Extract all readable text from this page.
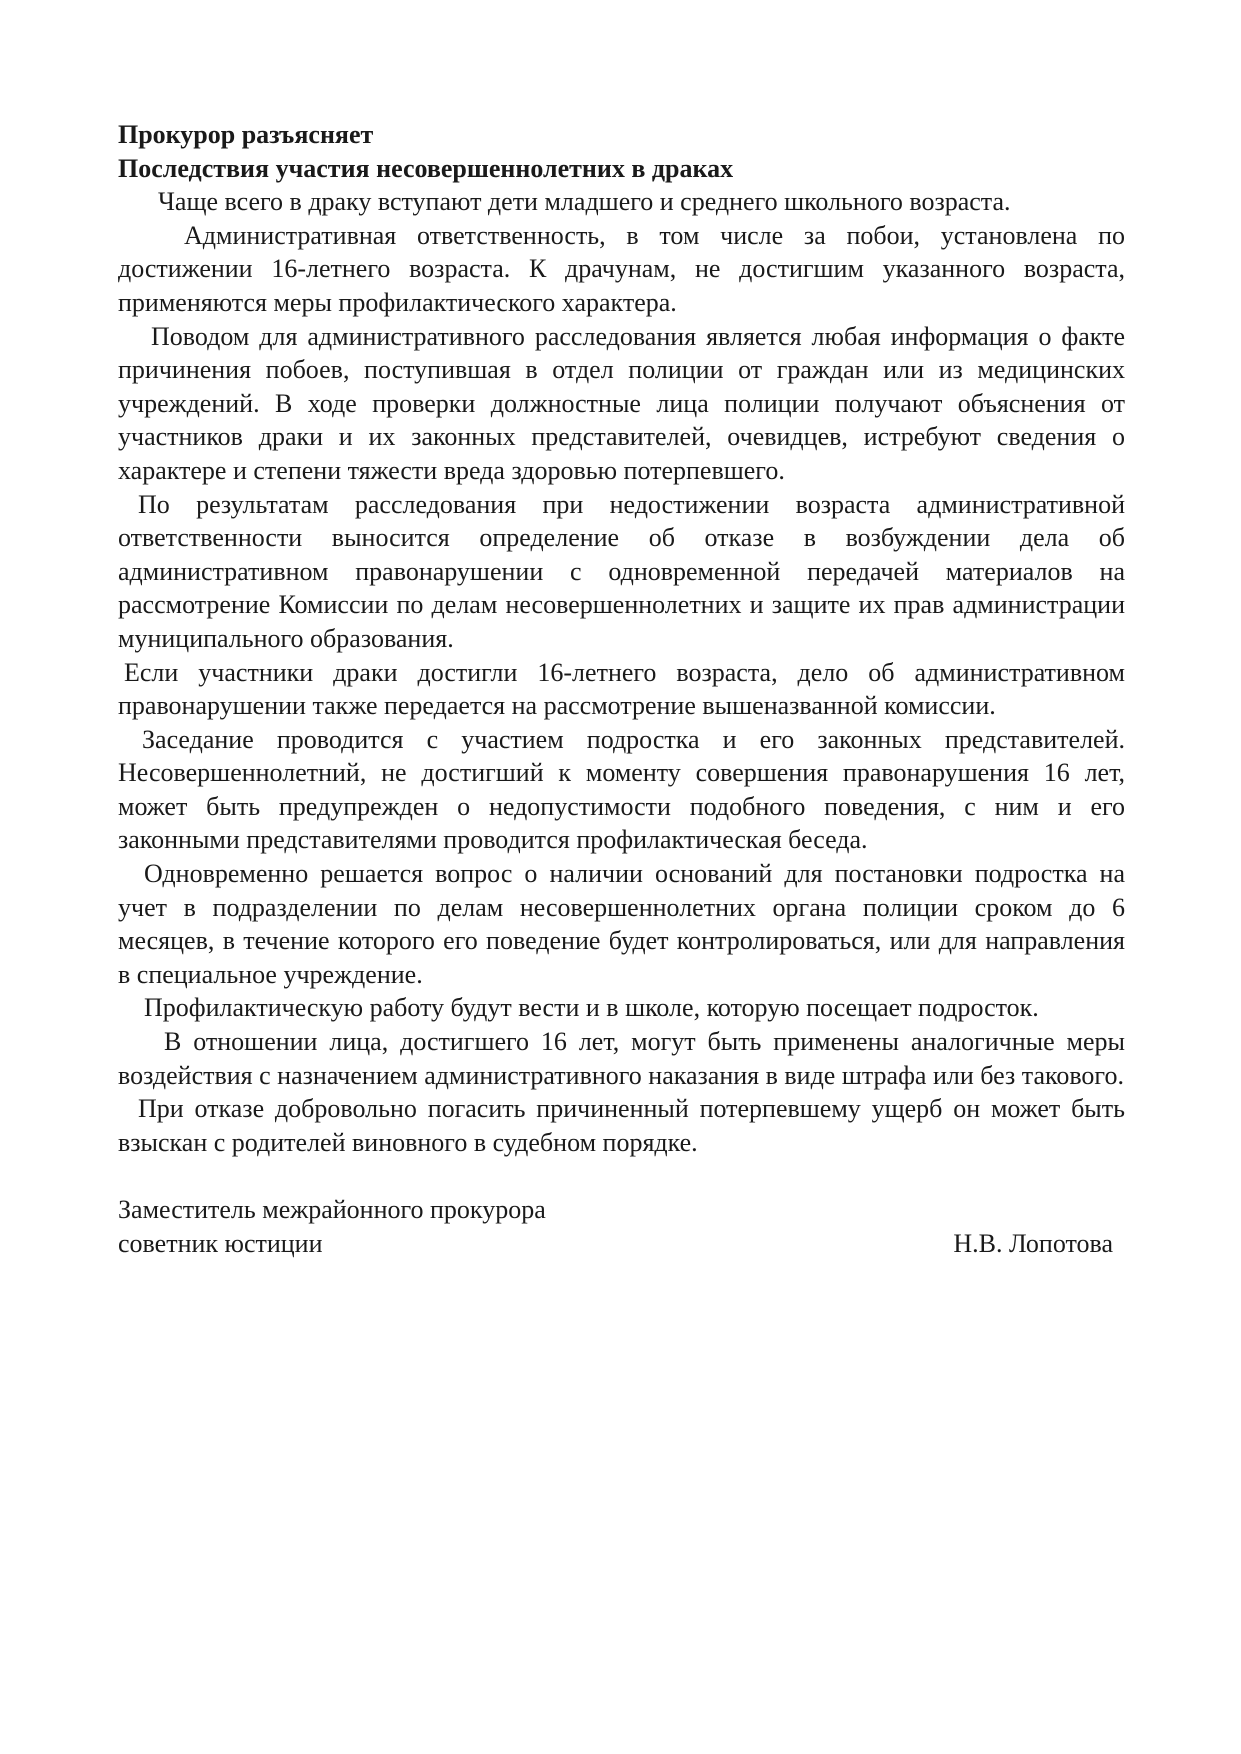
Прокурор разъясняет

Последствия участия несовершеннолетних в драках

Чаще всего в драку вступают дети младшего и среднего школьного возраста.

Административная ответственность, в том числе за побои, установлена по достижении 16-летнего возраста. К драчунам, не достигшим указанного возраста, применяются меры профилактического характера.

Поводом для административного расследования является любая информация о факте причинения побоев, поступившая в отдел полиции от граждан или из медицинских учреждений. В ходе проверки должностные лица полиции получают объяснения от участников драки и их законных представителей, очевидцев, истребуют сведения о характере и степени тяжести вреда здоровью потерпевшего.

По результатам расследования при недостижении возраста административной ответственности выносится определение об отказе в возбуждении дела об административном правонарушении с одновременной передачей материалов на рассмотрение Комиссии по делам несовершеннолетних и защите их прав администрации муниципального образования.

Если участники драки достигли 16-летнего возраста, дело об административном правонарушении также передается на рассмотрение вышеназванной комиссии.

Заседание проводится с участием подростка и его законных представителей. Несовершеннолетний, не достигший к моменту совершения правонарушения 16 лет, может быть предупрежден о недопустимости подобного поведения, с ним и его законными представителями проводится профилактическая беседа.

Одновременно решается вопрос о наличии оснований для постановки подростка на учет в подразделении по делам несовершеннолетних органа полиции сроком до 6 месяцев, в течение которого его поведение будет контролироваться, или для направления в специальное учреждение.

Профилактическую работу будут вести и в школе, которую посещает подросток.

В отношении лица, достигшего 16 лет, могут быть применены аналогичные меры воздействия с назначением административного наказания в виде штрафа или без такового.

При отказе добровольно погасить причиненный потерпевшему ущерб он может быть взыскан с родителей виновного в судебном порядке.

Заместитель межрайонного прокурора

советник юстиции	Н.В. Лопотова
